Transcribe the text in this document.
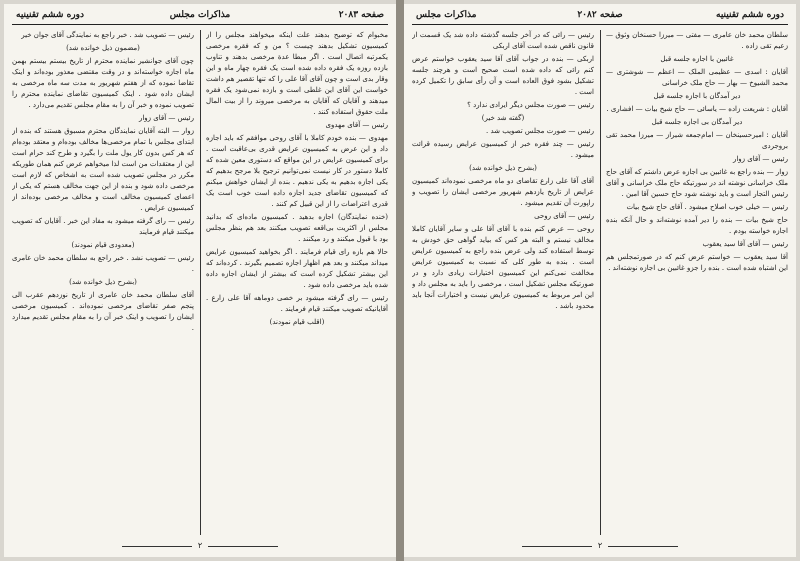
صفحه ۲۰۸۳
مذاکرات مجلس
دوره ششم تقنینیه

مخبوام که توضیح بدهند علت اینکه میخواهند مجلس را از کمیسیون تشکیل بدهند چیست ؟ من و که فقره مرخصی یکمرتبه اتصال است . اگر مبطا عدة مرخصی بدهند و تناوب بازده روزه یک فقره داده شده است یک فقره چهار ماه و این وقار بدی است و چون آقای آقا علی را که تنها تقصیر هم داشت خواست این آقای این غلطی است و بازده نمی‌شود یک فقره میدهند و آقایان که آقایان به مرخصی میروند را از بیت المال ملت حقوق استفاده کنند .

رئیس — آقای مهدوی

مهدوی — بنده خودم کاملا با آقای روحی موافقم که باید اجازه داد و این عرض به کمیسیون عرایض قدری بی‌عاقبت است . برای کمیسیون عرایض در این مواقع که دستوری معین شده که کاملا دستور در کار نیست نمی‌توانیم ترجیح بلا مرجح بدهیم که یکی اجازه بدهیم به یکی ندهیم . بنده از ایشان خواهش میکنم که کمیسیون تقاضای جدید اجازه داده است خوب است یک قدری اعتراضات را از این قبیل کم کنند .

(خنده نمایندگان) اجازه بدهید . کمیسیون ماده‌ای که بدانید مجلس از اکثریت بی‌اقعه تصویب میکنند بعد هم بنظر مجلس بود با قبول میکنند و رد میکنند .

حالا هم بازه رای قیام فرمایند . اگر بخواهید کمیسیون عرایض میداند میکنند و بعد هم اظهار اجازه تصمیم بگیرند . کرده‌اند که این بیشتر تشکیل کرده است که بیشتر از ایشان اجازه داده شده باید مرخصی داده شود .

رئیس — رای گرفته میشود بر خصی دوماهه آقا علی زارع . آقایانیکه تصویب میکنند قیام فرمایند .

(اقلب قیام نمودند)

رئیس — تصویب شد . خبر راجع به نمایندگی آقای جوان خیر

(مضمون ذیل خوانده شد)

چون آقای جوانشیر نماینده محترم از تاریخ بیستم بیستم بهمن ماه اجازه خواسته‌اند و در وقت مقتضی معذور بوده‌اند و اینک تقاضا نموده که از هفتم شهریور به مدت سه ماه مرخصی به ایشان داده شود . اینک کمیسیون تقاضای نماینده محترم را تصویب نموده و خبر آن را به مقام مجلس تقدیم می‌دارد .

رئیس — آقای زوار

زوار — البته آقایان نمایندگان محترم مسبوق هستند که بنده از ابتدای مجلس با تمام مرخصی‌ها مخالف بوده‌ام و معتقد بوده‌ام که هر کس بدون کار یول ملت را بگیرد و طرح کند حرام است این از معتقدات من است لذا میخواهم عرض کنم همان طوریکه مکرر در مجلس تصویب شده است به اشخاص که لازم است مرخصی داده شود و بنده از این جهت مخالف هستم که یکی از اعضای کمیسیون مخالف است و مخالف مرخصی بوده‌اند از کمیسیون عرایض .

رئیس — رای گرفته میشود به مفاد این خبر . آقایان که تصویب میکنند قیام فرمایند

(معدودی قیام نمودند)

رئیس — تصویب نشد . خبر راجع به سلطان محمد خان عامری .

(بشرح ذیل خوانده شد)

آقای سلطان محمد خان عامری از تاریخ نوزدهم عقرب الی پنجم صفر تقاضای مرخصی نموده‌اند . کمیسیون مرخصی ایشان را تصویب و اینک خبر آن را به مقام مجلس تقدیم میدارد .

۲
دوره ششم تقنینیه
صفحه ۲۰۸۲
مذاکرات مجلس

سلطان محمد خان عامری — مفتی — میرزا حسنخان وثوق — زعیم تقی زاده .

غائبین با اجازه جلسه قبل

آقایان : اسدی — عظیمی الملک — اعظم — شوشتری — محمد الشیوخ — بهار — حاج ملک خراسانی

دیر آمدگان با اجازه جلسه قبل

آقایان : شریعت زاده — یاسائی — حاج شیخ بیات — افشاری .

دیر آمدگان بی اجازه جلسه قبل

آقایان : امیرحسینخان — امام‌جمعه شیراز — میرزا محمد تقی بروجردی

رئیس — آقای زوار

زوار — بنده راجع به غائبین بی اجازه عرض داشتم که آقای حاج ملک خراسانی نوشته اند در سورتیکه حاج ملک خراسانی و آقای رئیس التجار است و باید نوشته شود حاج حسین آقا امین .

رئیس — خیلی خوب اصلاح میشود . آقای حاج شیخ بیات

حاج شیخ بیات — بنده را دیر آمده نوشته‌اند و حال آنکه بنده اجازه خواسته بودم .

رئیس — آقای آقا سید یعقوب

آقا سید یعقوب — خواستم عرض کنم که در صورتمجلس هم این اشتباه شده است . بنده را جزو غائبین بی اجازه نوشته‌اند .

رئیس — رائی که در آخر جلسه گذشته داده شد یک قسمت از قانون ناقص شده است آقای اربکی

اربکی — بنده در جواب آقای آقا سید یعقوب خواستم عرض کنم رائی که داده شده است صحیح است و هرچند جلسه تشکیل بشود فوق العاده است و آن رأی سابق را تکمیل کرده است .

رئیس — صورت مجلس دیگر ایرادی ندارد ؟

(گفته شد خیر)

رئیس — صورت مجلس تصویب شد .

رئیس — چند فقره خبر از کمیسیون عرایض رسیده قرائت میشود .

(بشرح ذیل خوانده شد)

آقای آقا علی زارع تقاضای دو ماه مرخصی نموده‌اند کمیسیون عرایض از تاریخ یازدهم شهریور مرخصی ایشان را تصویب و راپورت آن تقدیم میشود .

رئیس — آقای روحی

روحی — عرض کنم بنده با آقای آقا علی و سایر آقایان کاملا مخالف نیستم و البته هر کس که بیاید گواهی حق خودش به توسط استفاده کند ولی عرض بنده راجع به کمیسیون عرایض است . بنده به طور کلی که نسبت به کمیسیون عرایض مخالفت نمی‌کنم این کمیسیون اختیارات زیادی دارد و در صورتیکه مجلس تشکیل است ، مرخصی را باید به مجلس داد و این امر مربوط به کمیسیون عرایض نیست و اختیارات آنجا باید محدود باشد .

۲
